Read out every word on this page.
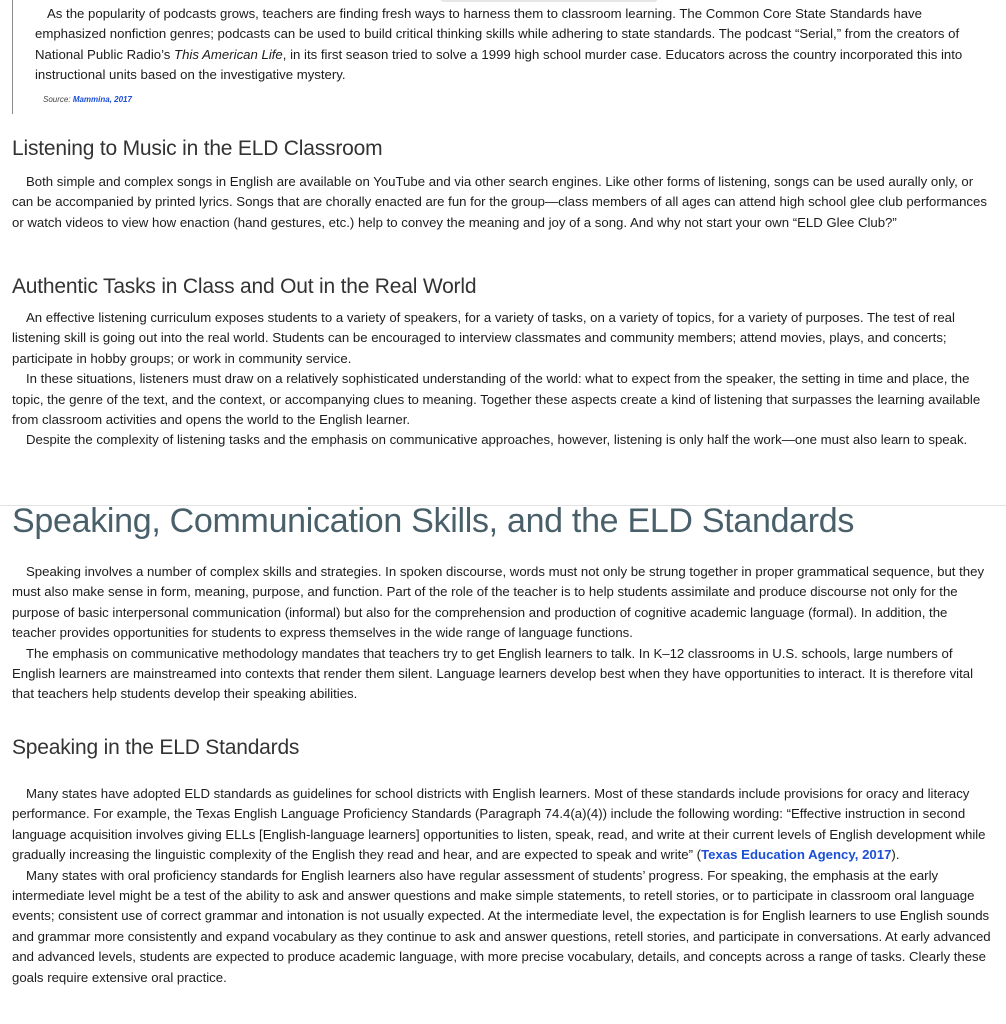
As the popularity of podcasts grows, teachers are finding fresh ways to harness them to classroom learning. The Common Core State Standards have emphasized nonfiction genres; podcasts can be used to build critical thinking skills while adhering to state standards. The podcast “Serial,” from the creators of National Public Radio’s This American Life, in its first season tried to solve a 1999 high school murder case. Educators across the country incorporated this into instructional units based on the investigative mystery.

Source: Mammina, 2017
Listening to Music in the ELD Classroom

Both simple and complex songs in English are available on YouTube and via other search engines. Like other forms of listening, songs can be used aurally only, or can be accompanied by printed lyrics. Songs that are chorally enacted are fun for the group—class members of all ages can attend high school glee club performances or watch videos to view how enaction (hand gestures, etc.) help to convey the meaning and joy of a song. And why not start your own “ELD Glee Club?”

Authentic Tasks in Class and Out in the Real World

An effective listening curriculum exposes students to a variety of speakers, for a variety of tasks, on a variety of topics, for a variety of purposes. The test of real listening skill is going out into the real world. Students can be encouraged to interview classmates and community members; attend movies, plays, and concerts; participate in hobby groups; or work in community service.

In these situations, listeners must draw on a relatively sophisticated understanding of the world: what to expect from the speaker, the setting in time and place, the topic, the genre of the text, and the context, or accompanying clues to meaning. Together these aspects create a kind of listening that surpasses the learning available from classroom activities and opens the world to the English learner.

Despite the complexity of listening tasks and the emphasis on communicative approaches, however, listening is only half the work—one must also learn to speak.

Speaking, Communication Skills, and the ELD Standards

Speaking involves a number of complex skills and strategies. In spoken discourse, words must not only be strung together in proper grammatical sequence, but they must also make sense in form, meaning, purpose, and function. Part of the role of the teacher is to help students assimilate and produce discourse not only for the purpose of basic interpersonal communication (informal) but also for the comprehension and production of cognitive academic language (formal). In addition, the teacher provides opportunities for students to express themselves in the wide range of language functions.

The emphasis on communicative methodology mandates that teachers try to get English learners to talk. In K–12 classrooms in U.S. schools, large numbers of English learners are mainstreamed into contexts that render them silent. Language learners develop best when they have opportunities to interact. It is therefore vital that teachers help students develop their speaking abilities.

Speaking in the ELD Standards

Many states have adopted ELD standards as guidelines for school districts with English learners. Most of these standards include provisions for oracy and literacy performance. For example, the Texas English Language Proficiency Standards (Paragraph 74.4(a)(4)) include the following wording: “Effective instruction in second language acquisition involves giving ELLs [English-language learners] opportunities to listen, speak, read, and write at their current levels of English development while gradually increasing the linguistic complexity of the English they read and hear, and are expected to speak and write” (Texas Education Agency, 2017).

Many states with oral proficiency standards for English learners also have regular assessment of students’ progress. For speaking, the emphasis at the early intermediate level might be a test of the ability to ask and answer questions and make simple statements, to retell stories, or to participate in classroom oral language events; consistent use of correct grammar and intonation is not usually expected. At the intermediate level, the expectation is for English learners to use English sounds and grammar more consistently and expand vocabulary as they continue to ask and answer questions, retell stories, and participate in conversations. At early advanced and advanced levels, students are expected to produce academic language, with more precise vocabulary, details, and concepts across a range of tasks. Clearly these goals require extensive oral practice.
